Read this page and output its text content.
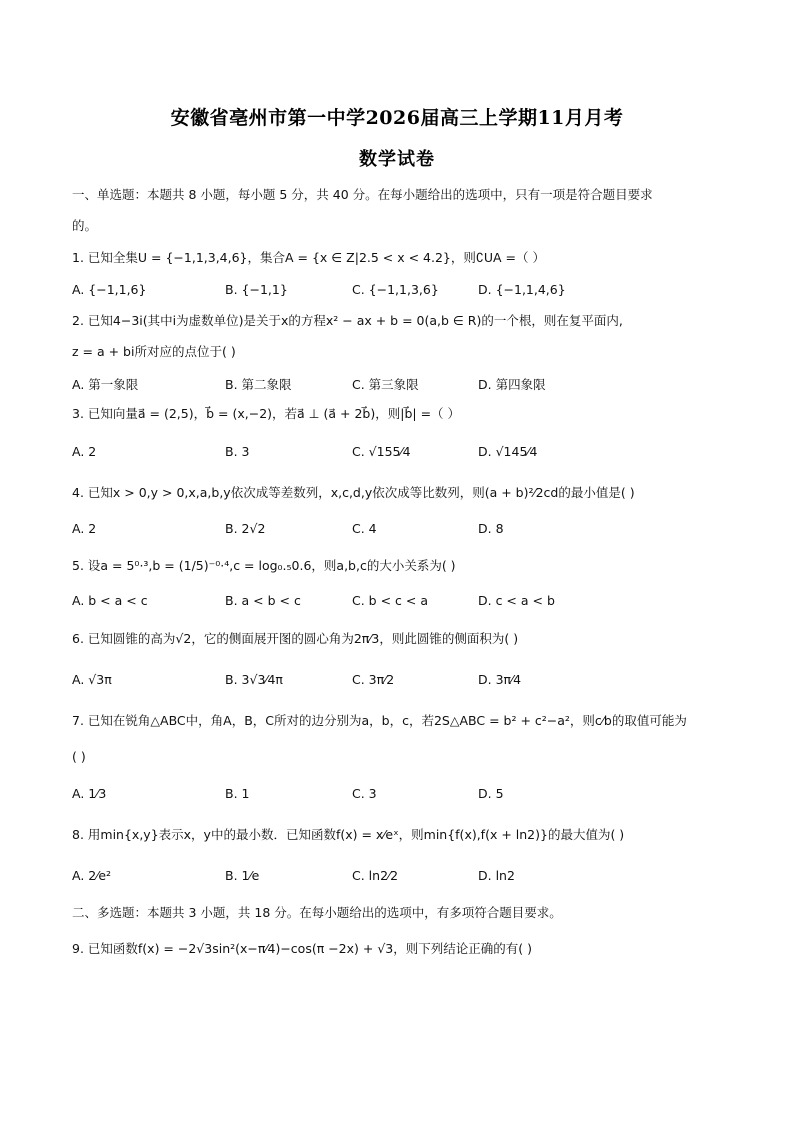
安徽省亳州市第一中学2026届高三上学期11月月考
数学试卷
一、单选题：本题共 8 小题，每小题 5 分，共 40 分。在每小题给出的选项中，只有一项是符合题目要求
的。
1. 已知全集U = {−1,1,3,4,6}，集合A = {x ∈ Z|2.5 < x < 4.2}，则∁UA =（ ）
A. {−1,1,6}	B. {−1,1}	C. {−1,1,3,6}	D. {−1,1,4,6}
2. 已知4−3i(其中i为虚数单位)是关于x的方程x² − ax + b = 0(a,b ∈ R)的一个根，则在复平面内,
z = a + bi所对应的点位于( )
A. 第一象限	B. 第二象限	C. 第三象限	D. 第四象限
3. 已知向量a⃗ = (2,5)，b⃗ = (x,−2)，若a⃗ ⊥ (a⃗ + 2b⃗)，则|b⃗| =（ ）
A. 2	B. 3	C. √155⁄4	D. √145⁄4
4. 已知x > 0,y > 0,x,a,b,y依次成等差数列，x,c,d,y依次成等比数列，则(a + b)²⁄2cd的最小值是( )
A. 2	B. 2√2	C. 4	D. 8
5. 设a = 5⁰·³,b = (1/5)⁻⁰·⁴,c = log₀.₅0.6，则a,b,c的大小关系为( )
A. b < a < c	B. a < b < c	C. b < c < a	D. c < a < b
6. 已知圆锥的高为√2，它的侧面展开图的圆心角为2π⁄3，则此圆锥的侧面积为( )
A. √3π	B. 3√3⁄4π	C. 3π⁄2	D. 3π⁄4
7. 已知在锐角△ABC中，角A，B，C所对的边分别为a，b，c，若2S△ABC = b² + c²−a²，则c⁄b的取值可能为
( )
A. 1⁄3	B. 1	C. 3	D. 5
8. 用min{x,y}表示x，y中的最小数．已知函数f(x) = x⁄eˣ，则min{f(x),f(x + ln2)}的最大值为( )
A. 2⁄e²	B. 1⁄e	C. ln2⁄2	D. ln2
二、多选题：本题共 3 小题，共 18 分。在每小题给出的选项中，有多项符合题目要求。
9. 已知函数f(x) = −2√3sin²(x−π⁄4)−cos(π −2x) + √3，则下列结论正确的有( )
